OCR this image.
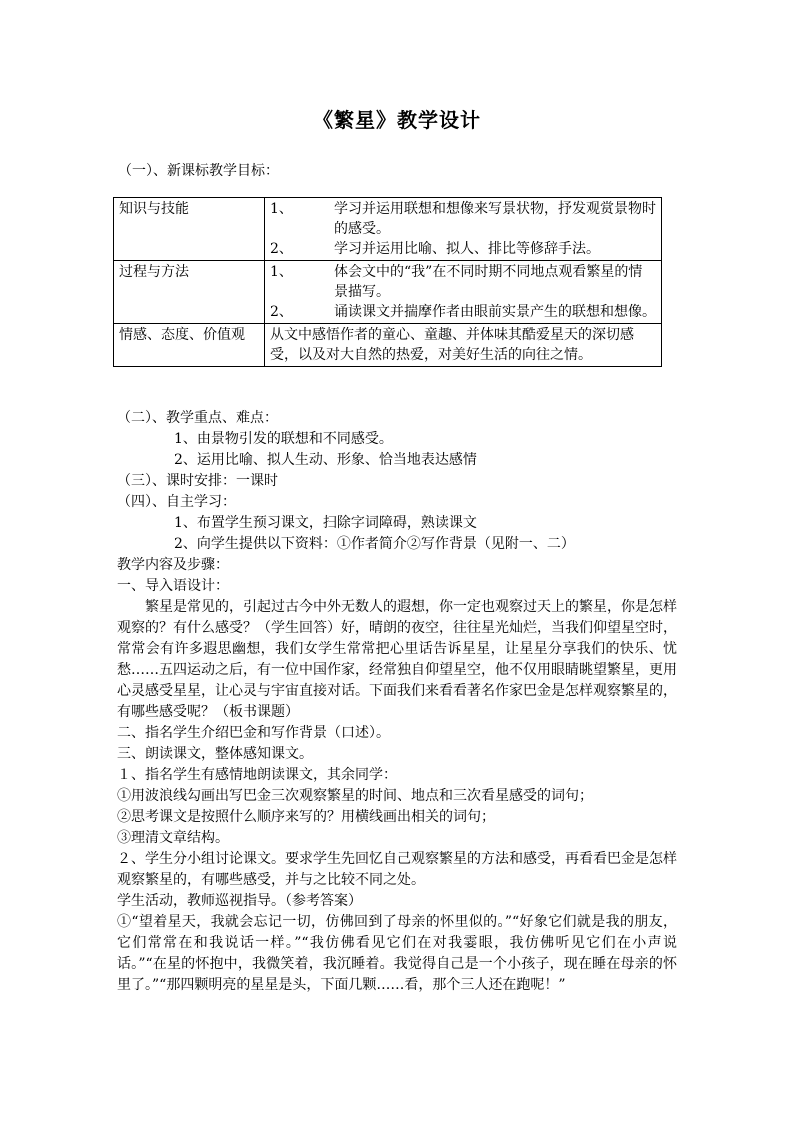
《繁星》教学设计
（一）、新课标教学目标：
知识与技能	1、 学习并运用联想和想像来写景状物，抒发观赏景物时的感受。
2、 学习并运用比喻、拟人、排比等修辞手法。

过程与方法	1、 体会文中的“我”在不同时期不同地点观看繁星的情景描写。
2、 诵读课文并揣摩作者由眼前实景产生的联想和想像。

情感、态度、价值观	从文中感悟作者的童心、童趣、并体味其酷爱星天的深切感受，以及对大自然的热爱，对美好生活的向往之情。

（二）、教学重点、难点：

1、由景物引发的联想和不同感受。

2、运用比喻、拟人生动、形象、恰当地表达感情

（三）、课时安排：一课时

（四）、自主学习：

1、布置学生预习课文，扫除字词障碍，熟读课文

2、向学生提供以下资料：①作者简介②写作背景（见附一、二）

教学内容及步骤：

一、导入语设计：

繁星是常见的，引起过古今中外无数人的遐想，你一定也观察过天上的繁星，你是怎样观察的？有什么感受？（学生回答）好，晴朗的夜空，往往星光灿烂，当我们仰望星空时，常常会有许多遐思幽想，我们女学生常常把心里话告诉星星，让星星分享我们的快乐、忧愁……五四运动之后，有一位中国作家，经常独自仰望星空，他不仅用眼睛眺望繁星，更用心灵感受星星，让心灵与宇宙直接对话。下面我们来看看著名作家巴金是怎样观察繁星的，有哪些感受呢？（板书课题）

二、指名学生介绍巴金和写作背景（口述）。

三、朗读课文，整体感知课文。

１、指名学生有感情地朗读课文，其余同学：

①用波浪线勾画出写巴金三次观察繁星的时间、地点和三次看星感受的词句；

②思考课文是按照什么顺序来写的？用横线画出相关的词句；

③理清文章结构。

２、学生分小组讨论课文。要求学生先回忆自己观察繁星的方法和感受，再看看巴金是怎样观察繁星的，有哪些感受，并与之比较不同之处。

学生活动，教师巡视指导。（参考答案）

①“望着星天，我就会忘记一切，仿佛回到了母亲的怀里似的。”“好象它们就是我的朋友，它们常常在和我说话一样。”“我仿佛看见它们在对我霎眼，我仿佛听见它们在小声说话。”“在星的怀抱中，我微笑着，我沉睡着。我觉得自己是一个小孩子，现在睡在母亲的怀里了。”“那四颗明亮的星星是头，下面几颗……看，那个三人还在跑呢！”
